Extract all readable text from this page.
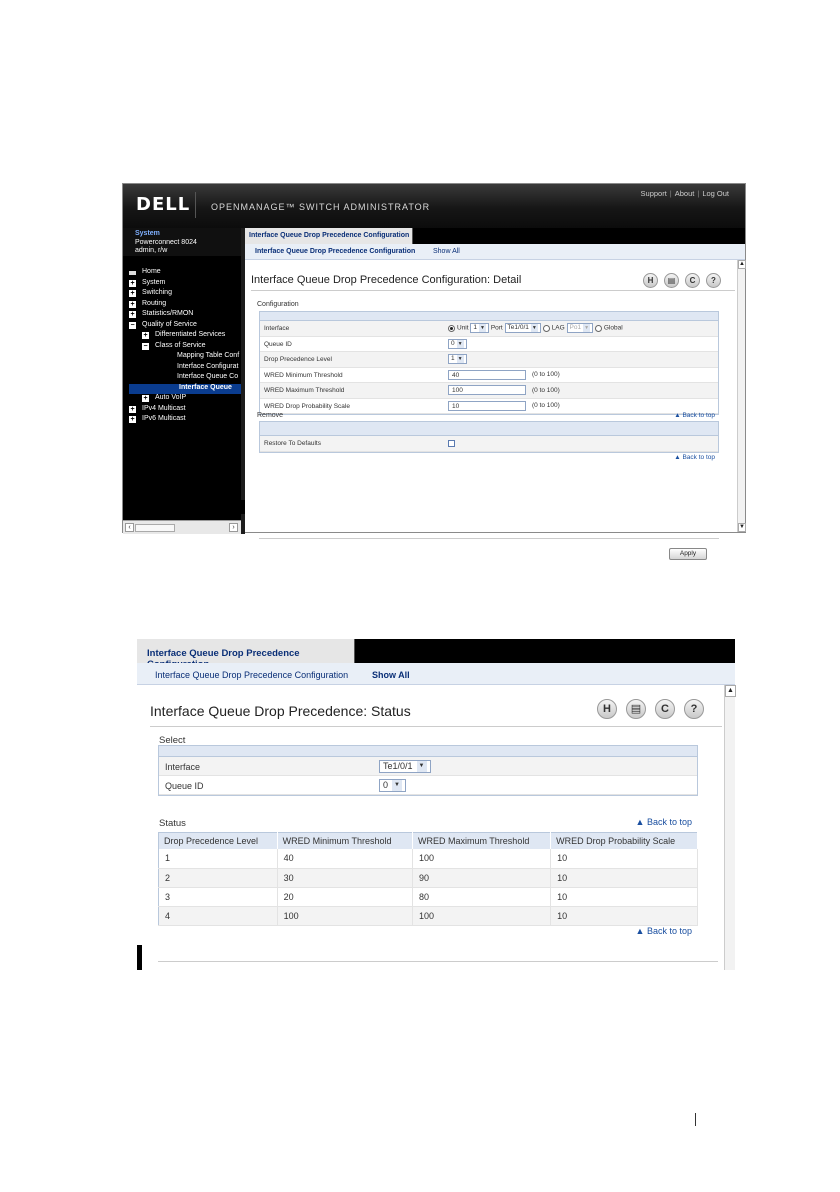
DELL OPENMANAGE™ SWITCH ADMINISTRATOR
Support | About | Log Out
System
Powerconnect 8024
admin, r/w
Home
+ System
+ Switching
+ Routing
+ Statistics/RMON
− Quality of Service
+ Differentiated Services
− Class of Service
Mapping Table Conf
Interface Configurat
Interface Queue Co
Interface Queue
+ Auto VoIP
+ IPv4 Multicast
+ IPv6 Multicast
‹	›
Interface Queue Drop Precedence Configuration
Interface Queue Drop Precedence Configuration	Show All
Interface Queue Drop Precedence Configuration: Detail	H ▤ C ?
Configuration
Interface	Unit 1 ▼ Port Te1/0/1 ▼ LAG Po1 ▼ Global
Queue ID	0 ▼
Drop Precedence Level	1 ▼
WRED Minimum Threshold	40	(0 to 100)
WRED Maximum Threshold	100	(0 to 100)
WRED Drop Probability Scale	10	(0 to 100)
Remove	▲ Back to top
Restore To Defaults
▲ Back to top
Apply
▲
▼
Interface Queue Drop Precedence
Interface Queue Drop Precedence Configuration	Show All
Interface Queue Drop Precedence: Status	H ▤ C ?
Select
Interface	Te1/0/1 ▼
Queue ID	0 ▼
Status	▲ Back to top
Drop Precedence Level	WRED Minimum Threshold	WRED Maximum Threshold	WRED Drop Probability Scale
1	40	100	10
2	30	90	10
3	20	80	10
4	100	100	10
▲ Back to top
▲
